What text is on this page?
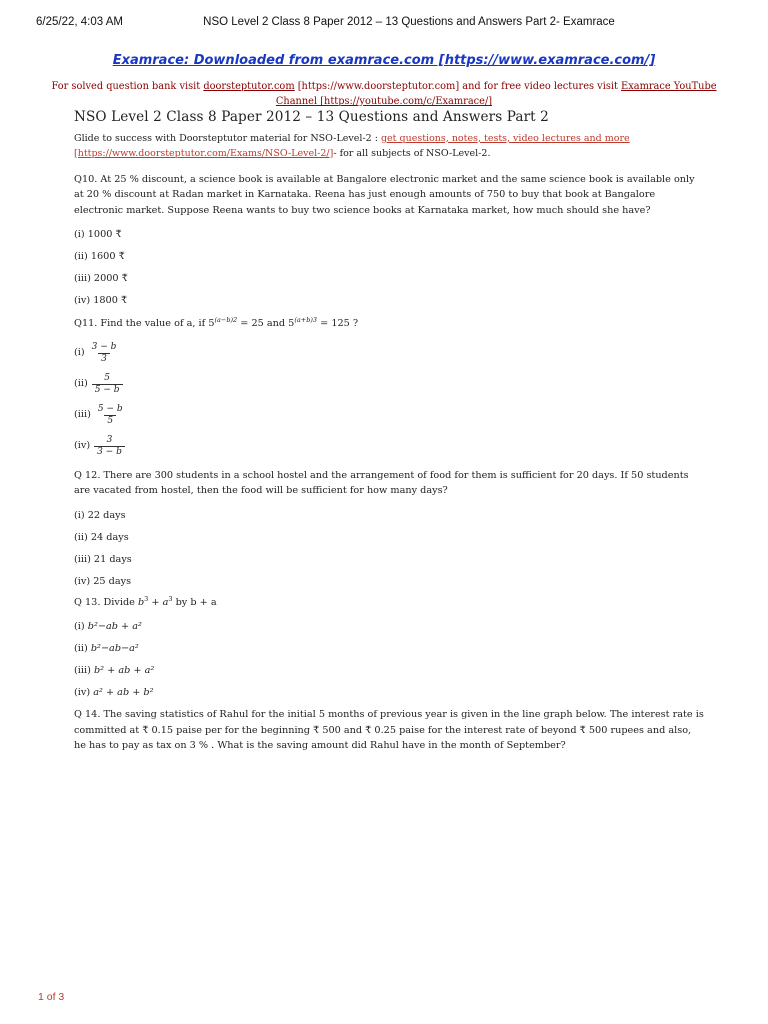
6/25/22, 4:03 AM	NSO Level 2 Class 8 Paper 2012 – 13 Questions and Answers Part 2- Examrace
Examrace: Downloaded from examrace.com [https://www.examrace.com/]
For solved question bank visit doorsteptutor.com [https://www.doorsteptutor.com] and for free video lectures visit Examrace YouTube
Channel [https://youtube.com/c/Examrace/]
NSO Level 2 Class 8 Paper 2012 – 13 Questions and Answers Part 2
Glide to success with Doorsteptutor material for NSO-Level-2 : get questions, notes, tests, video lectures and more [https://www.doorsteptutor.com/Exams/NSO-Level-2/]- for all subjects of NSO-Level-2.
Q10. At 25 % discount, a science book is available at Bangalore electronic market and the same science book is available only at 20 % discount at Radan market in Karnataka. Reena has just enough amounts of 750 to buy that book at Bangalore electronic market. Suppose Reena wants to buy two science books at Karnataka market, how much should she have?
(i) 1000 ₹
(ii) 1600 ₹
(iii) 2000 ₹
(iv) 1800 ₹
Q11. Find the value of a, if $5^{(a-b)2} = 25$ and $5^{(a+b)3} = 125$ ?
$(i) \frac{3 - b}{3}$
$(ii) \frac{5}{5 - b}$
$(iii) \frac{5 - b}{5}$
$(iv) \frac{3}{3 - b}$
Q 12. There are 300 students in a school hostel and the arrangement of food for them is sufficient for 20 days. If 50 students are vacated from hostel, then the food will be sufficient for how many days?
(i) 22 days
(ii) 24 days
(iii) 21 days
(iv) 25 days
Q 13. Divide $b^3 + a^3$ by b + a
(i) b²−ab + a²
(ii) b²−ab−a²
(iii) b² + ab + a²
(iv) a² + ab + b²
Q 14. The saving statistics of Rahul for the initial 5 months of previous year is given in the line graph below. The interest rate is committed at ₹ 0.15 paise per for the beginning ₹ 500 and ₹ 0.25 paise for the interest rate of beyond ₹ 500 rupees and also, he has to pay as tax on 3 % . What is the saving amount did Rahul have in the month of September?
1 of 3
